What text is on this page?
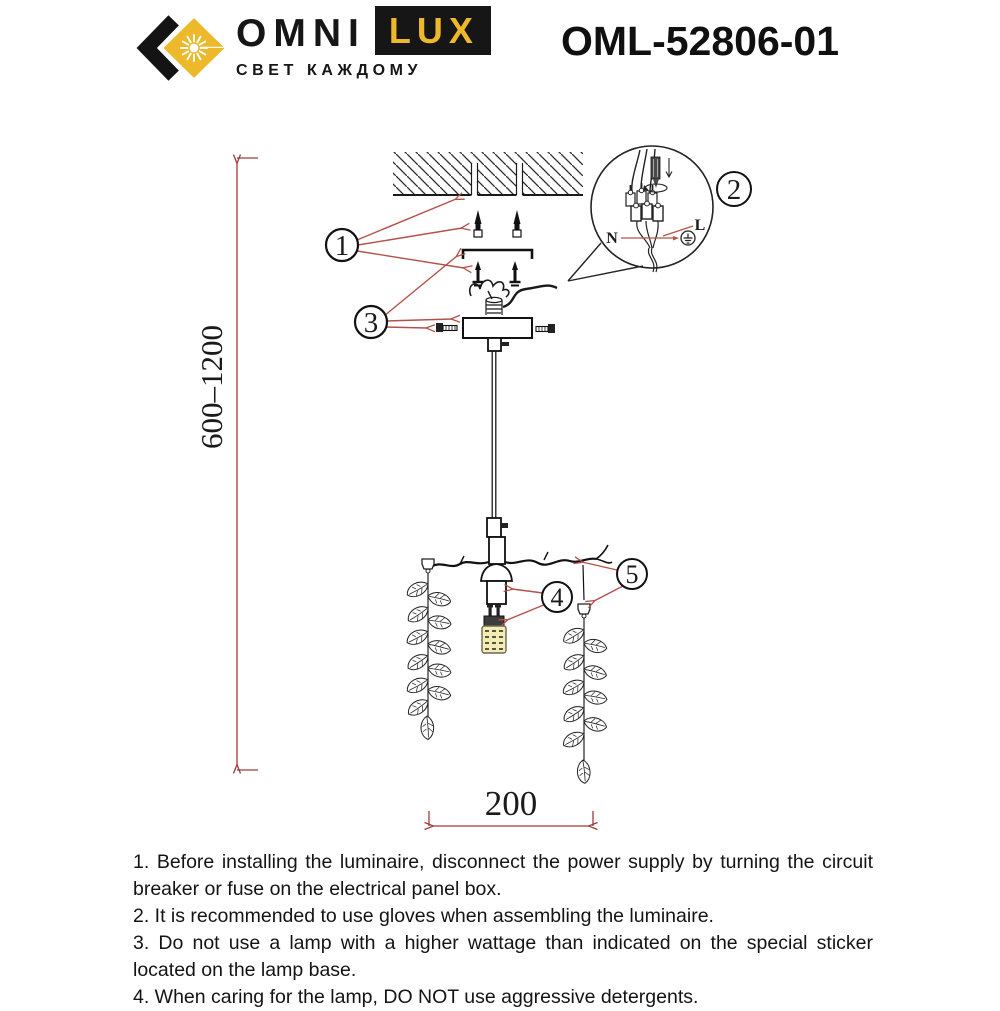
OMNI LUX
СВЕТ КАЖДОМУ
OML-52806-01
600–1200
N
L
1
2
3
4
5
200

1. Before installing the luminaire, disconnect the power supply by turning the circuit breaker or fuse on the electrical panel box.

2. It is recommended to use gloves when assembling the luminaire.

3. Do not use a lamp with a higher wattage than indicated on the special sticker located on the lamp base.

4. When caring for the lamp, DO NOT use aggressive detergents.
